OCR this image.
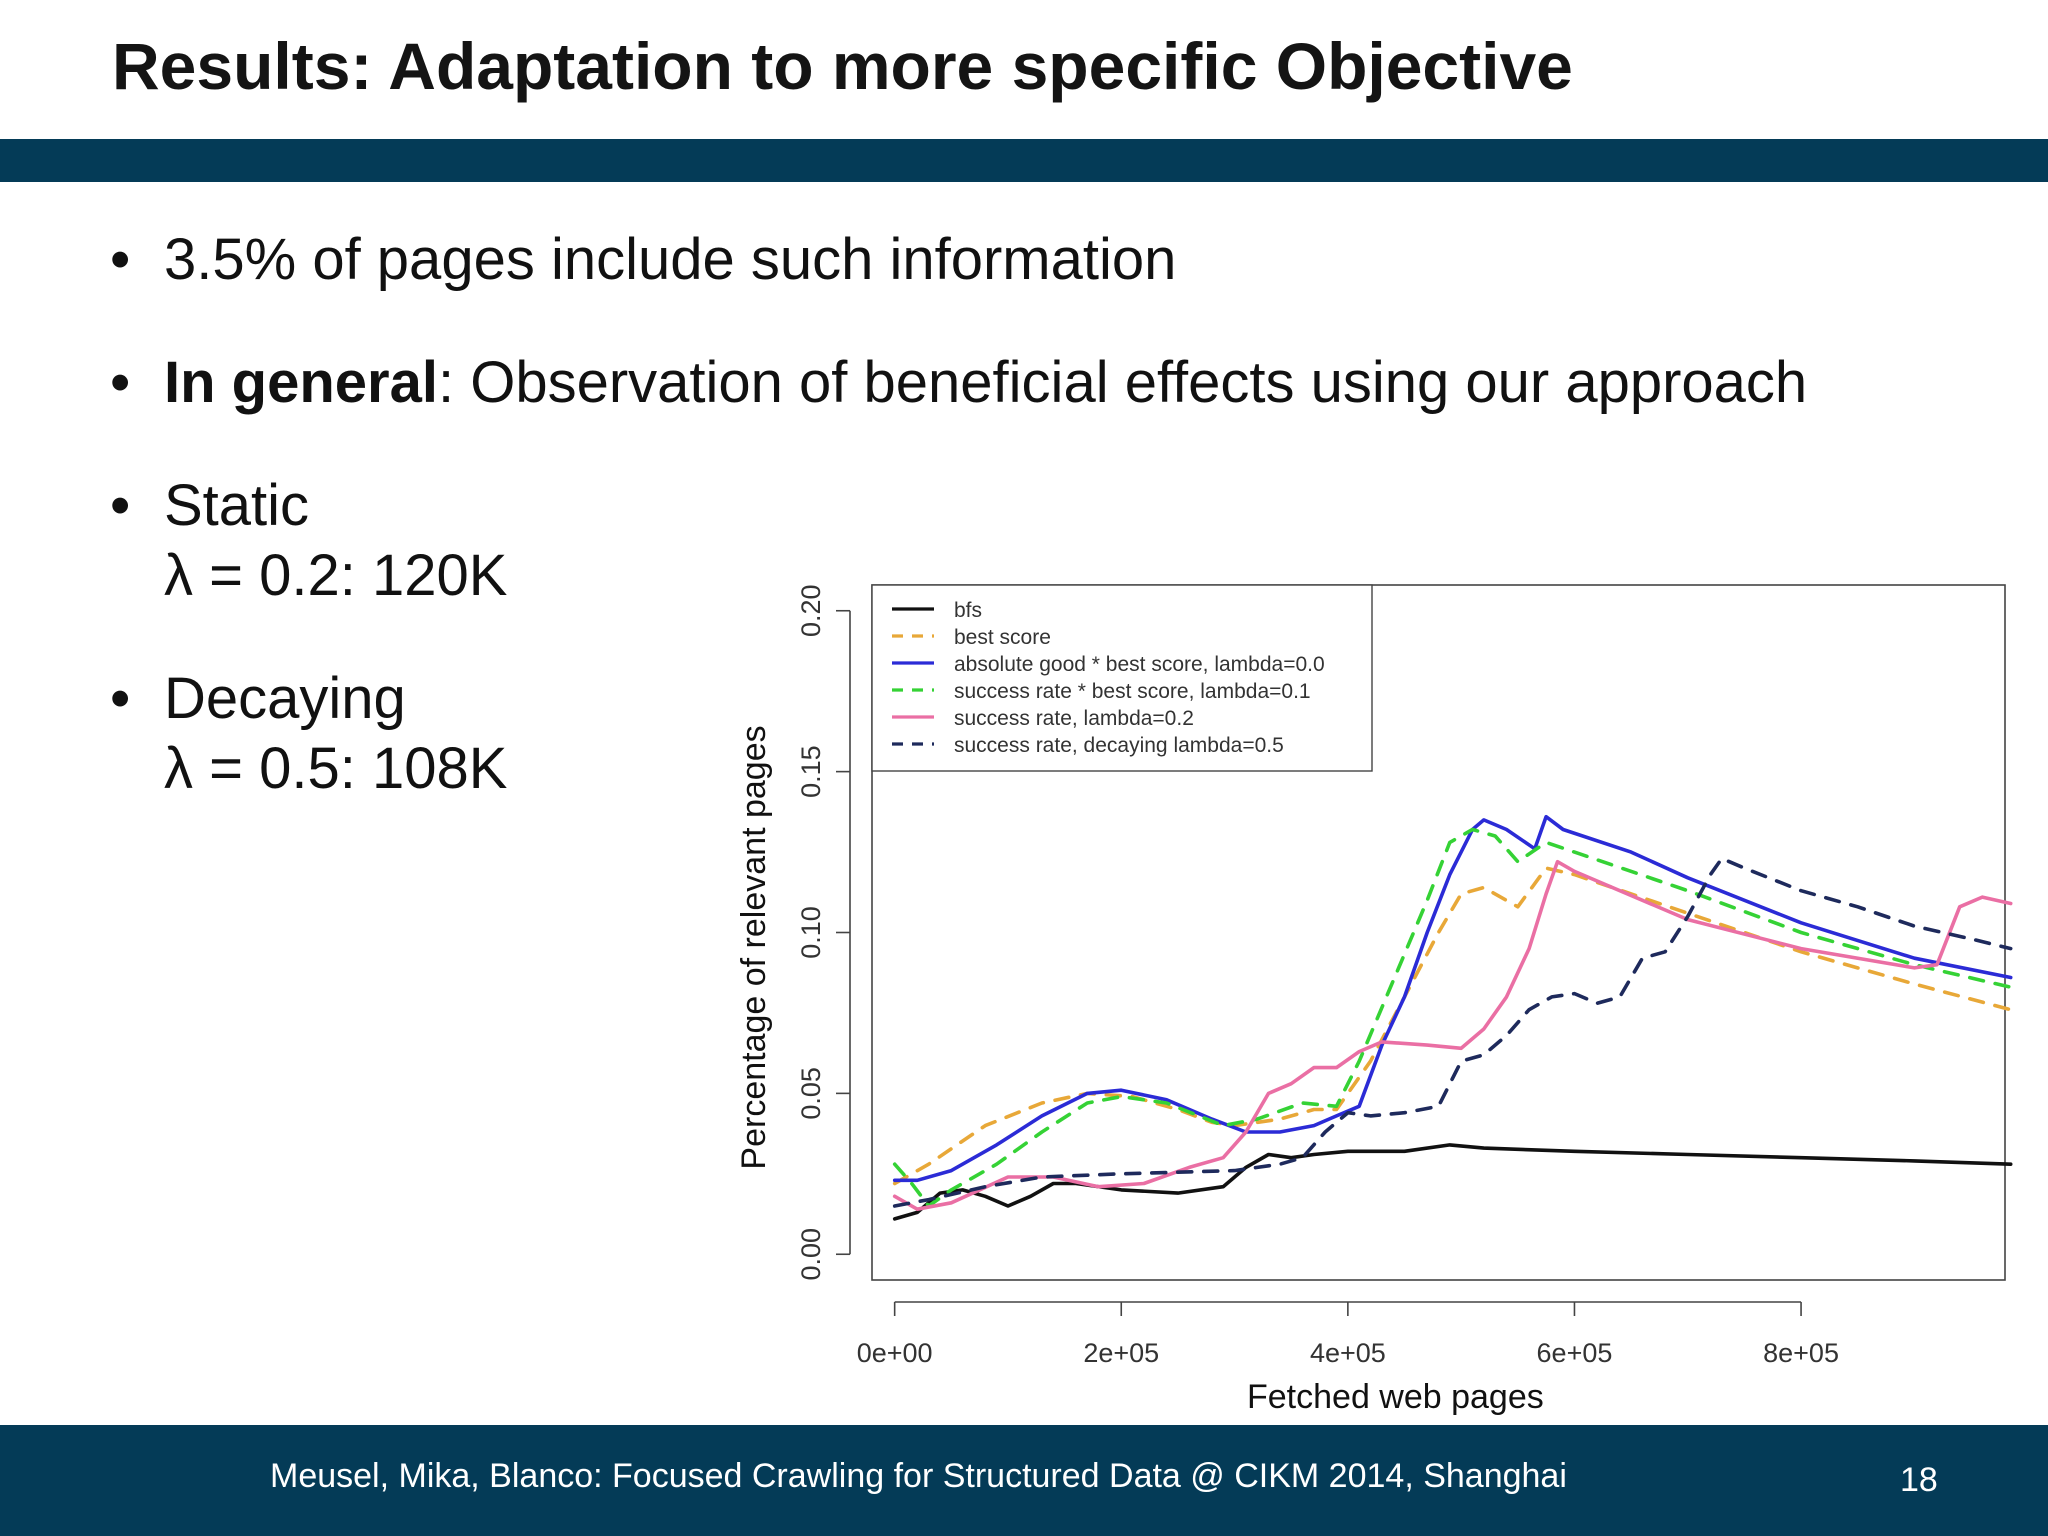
Results: Adaptation to more specific Objective
• 3.5% of pages include such information
• In general: Observation of beneficial effects using our approach
• Static
λ = 0.2: 120K
• Decaying
λ = 0.5: 108K
0e+00	2e+05	4e+05	6e+05	8e+05
0.00
0.05
0.10
0.15
0.20
Percentage of relevant pages
bfs
best score
absolute good * best score, lambda=0.0
success rate * best score, lambda=0.1
success rate, lambda=0.2
success rate, decaying lambda=0.5
Fetched web pages
Meusel, Mika, Blanco: Focused Crawling for Structured Data @ CIKM 2014, Shanghai	18
